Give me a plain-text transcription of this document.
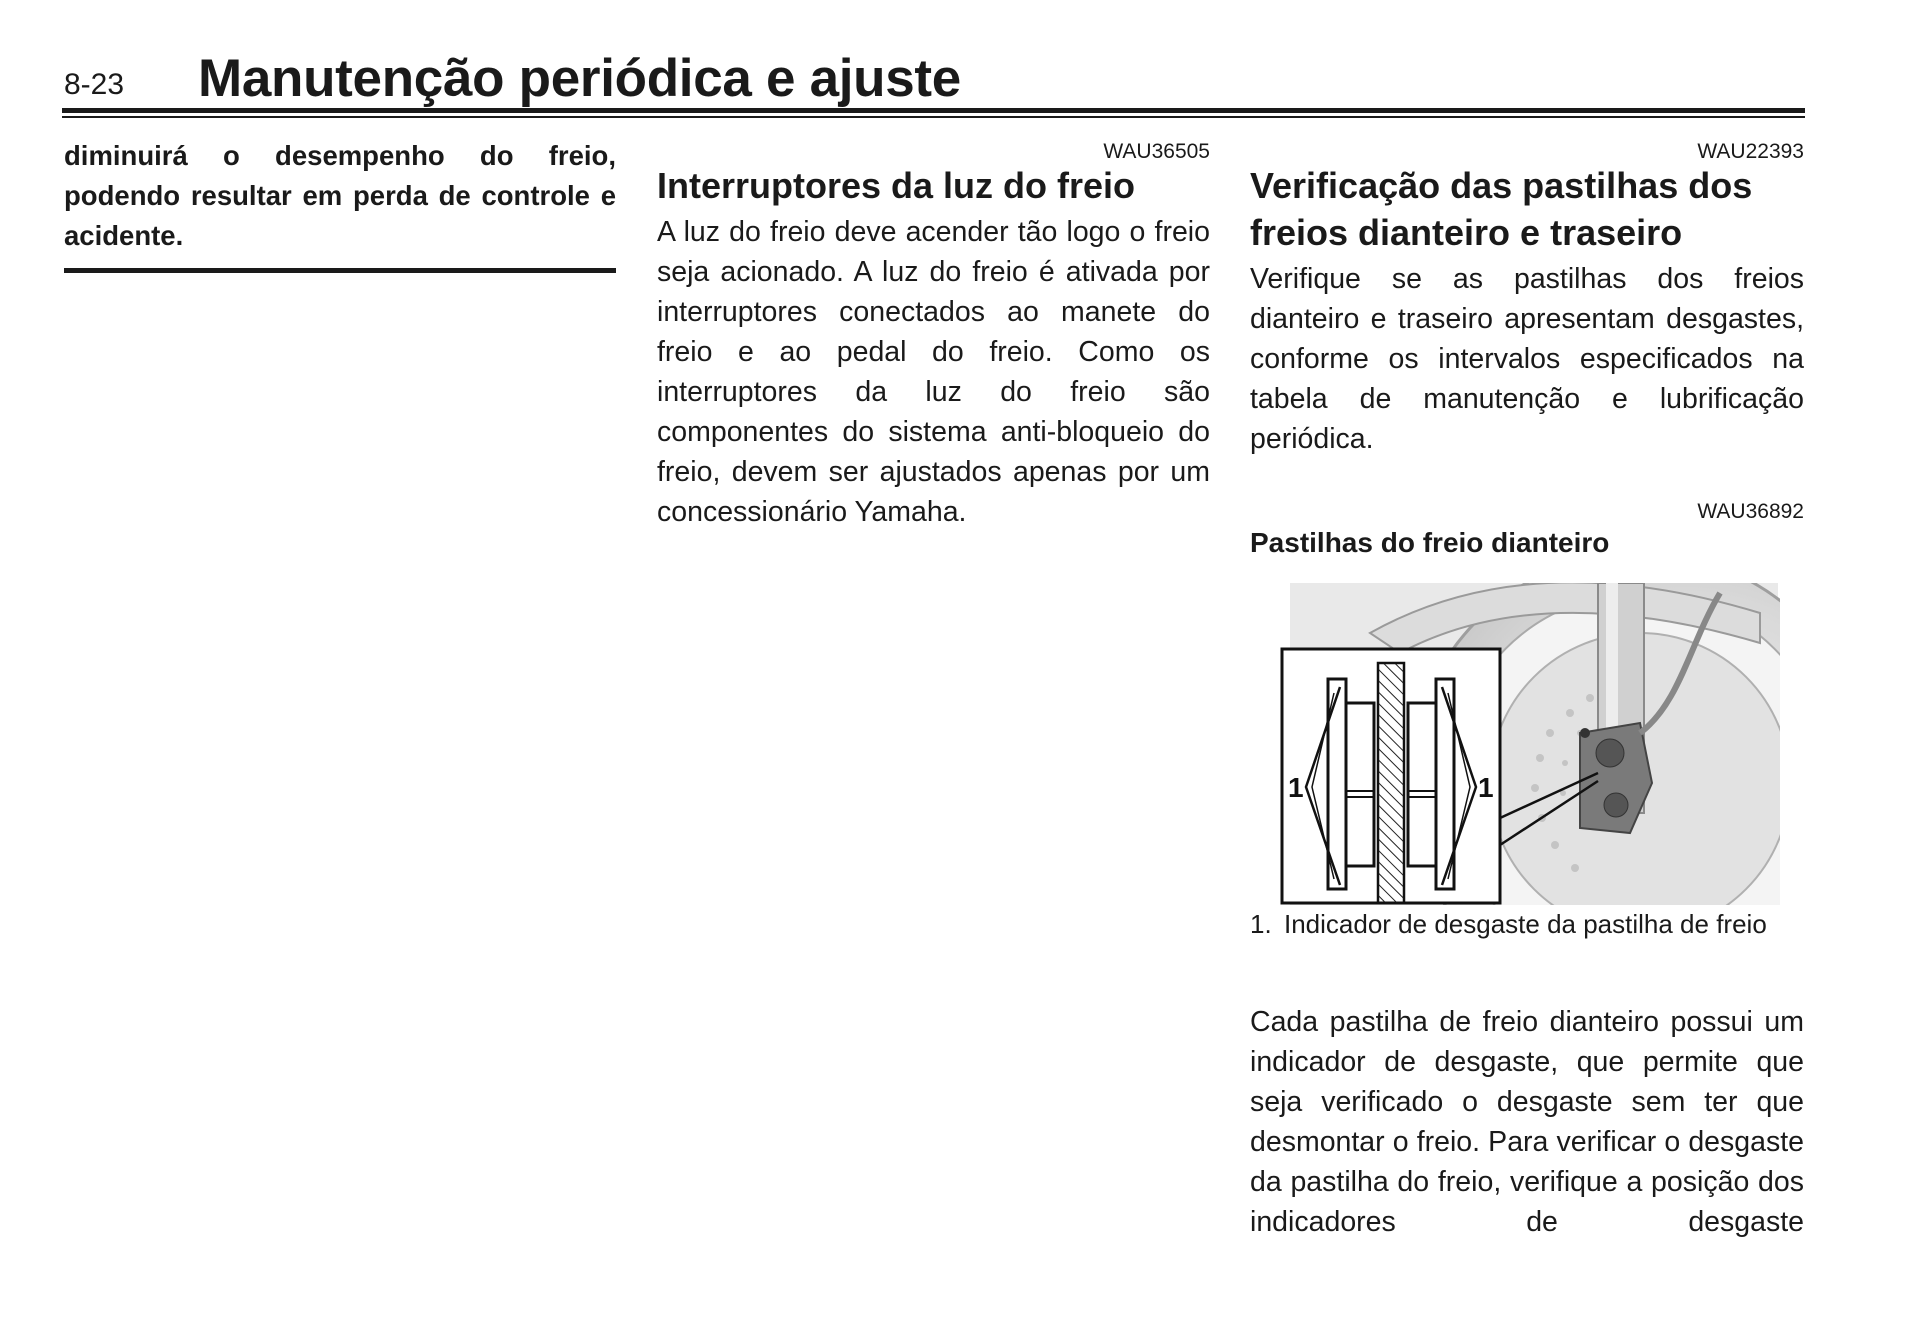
8-23 Manutenção periódica e ajuste
diminuirá o desempenho do freio, podendo resultar em perda de controle e acidente.
WAU36505
Interruptores da luz do freio
A luz do freio deve acender tão logo o freio seja acionado. A luz do freio é ativada por interruptores conectados ao manete do freio e ao pedal do freio. Como os interruptores da luz do freio são componentes do sistema anti-bloqueio do freio, devem ser ajustados apenas por um concessionário Yamaha.
WAU22393
Verificação das pastilhas dos freios dianteiro e traseiro
Verifique se as pastilhas dos freios dianteiro e traseiro apresentam desgastes, conforme os intervalos especificados na tabela de manutenção e lubrificação periódica.
WAU36892
Pastilhas do freio dianteiro
1	1
1. Indicador de desgaste da pastilha de freio
Cada pastilha de freio dianteiro possui um indicador de desgaste, que permite que seja verificado o desgaste sem ter que desmontar o freio. Para verificar o desgaste da pastilha do freio, verifique a posição dos indicadores de desgaste
